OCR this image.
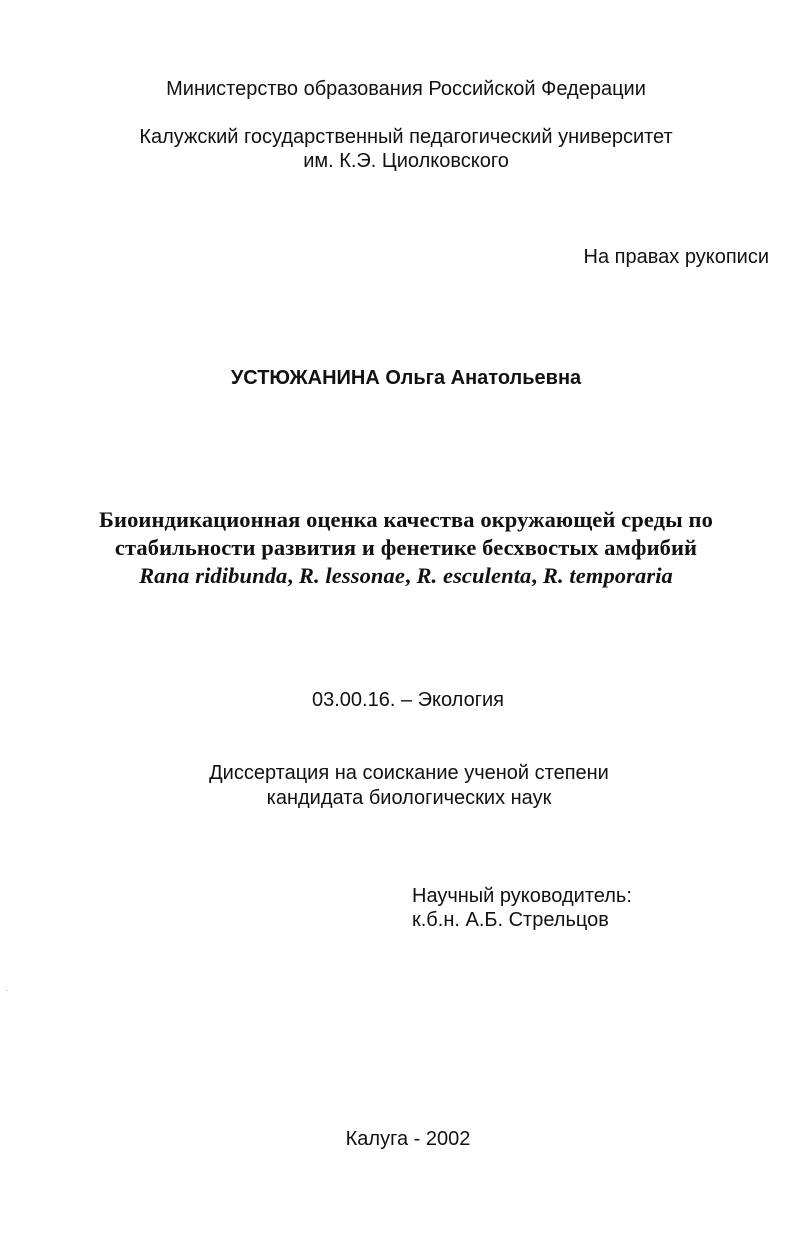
Министерство образования Российской Федерации
Калужский государственный педагогический университет
им. К.Э. Циолковского
На правах рукописи
УСТЮЖАНИНА Ольга Анатольевна
Биоиндикационная оценка качества окружающей среды по
стабильности развития и фенетике бесхвостых амфибий
Rana ridibunda, R. lessonae, R. esculenta, R. temporaria
03.00.16. – Экология
Диссертация на соискание ученой степени
кандидата биологических наук
Научный руководитель:
к.б.н. А.Б. Стрельцов
Калуга - 2002
